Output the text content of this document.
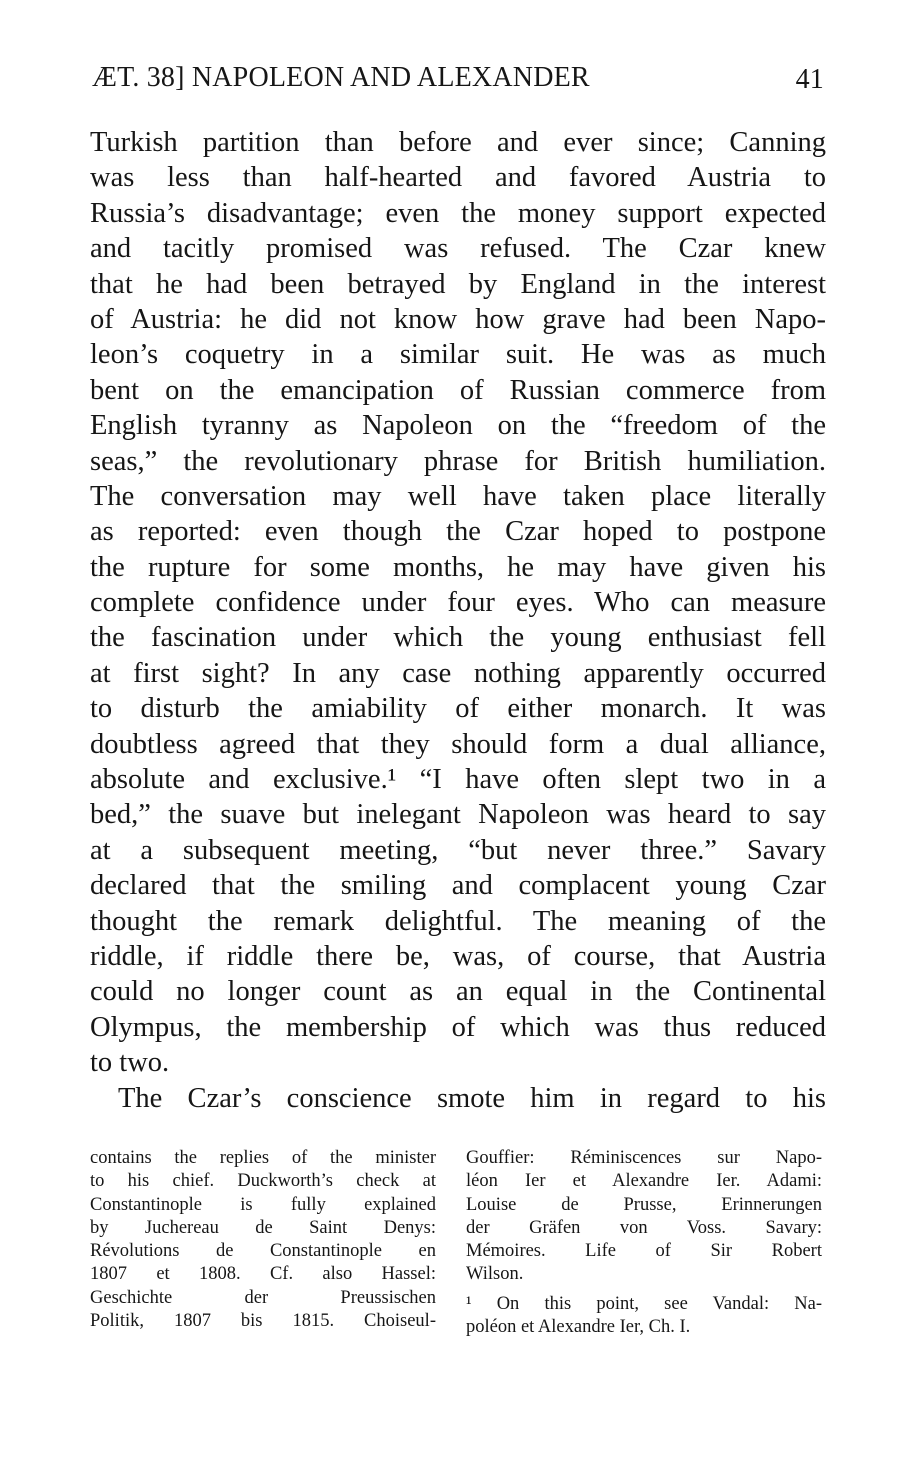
ÆT. 38] NAPOLEON AND ALEXANDER	41
Turkish partition than before and ever since; Canning
was less than half-hearted and favored Austria to
Russia’s disadvantage; even the money support expected
and tacitly promised was refused. The Czar knew
that he had been betrayed by England in the interest
of Austria: he did not know how grave had been Napo-
leon’s coquetry in a similar suit. He was as much
bent on the emancipation of Russian commerce from
English tyranny as Napoleon on the “freedom of the
seas,” the revolutionary phrase for British humiliation.
The conversation may well have taken place literally
as reported: even though the Czar hoped to postpone
the rupture for some months, he may have given his
complete confidence under four eyes. Who can measure
the fascination under which the young enthusiast fell
at first sight? In any case nothing apparently occurred
to disturb the amiability of either monarch. It was
doubtless agreed that they should form a dual alliance,
absolute and exclusive.¹ “I have often slept two in a
bed,” the suave but inelegant Napoleon was heard to say
at a subsequent meeting, “but never three.” Savary
declared that the smiling and complacent young Czar
thought the remark delightful. The meaning of the
riddle, if riddle there be, was, of course, that Austria
could no longer count as an equal in the Continental
Olympus, the membership of which was thus reduced
to two.
The Czar’s conscience smote him in regard to his
contains the replies of the minister
to his chief. Duckworth’s check at
Constantinople is fully explained
by Juchereau de Saint Denys:
Révolutions de Constantinople en
1807 et 1808. Cf. also Hassel:
Geschichte der Preussischen
Politik, 1807 bis 1815. Choiseul-
Gouffier: Réminiscences sur Napo-
léon Ier et Alexandre Ier. Adami:
Louise de Prusse, Erinnerungen
der Gräfen von Voss. Savary:
Mémoires. Life of Sir Robert
Wilson.
¹ On this point, see Vandal: Na-
poléon et Alexandre Ier, Ch. I.
